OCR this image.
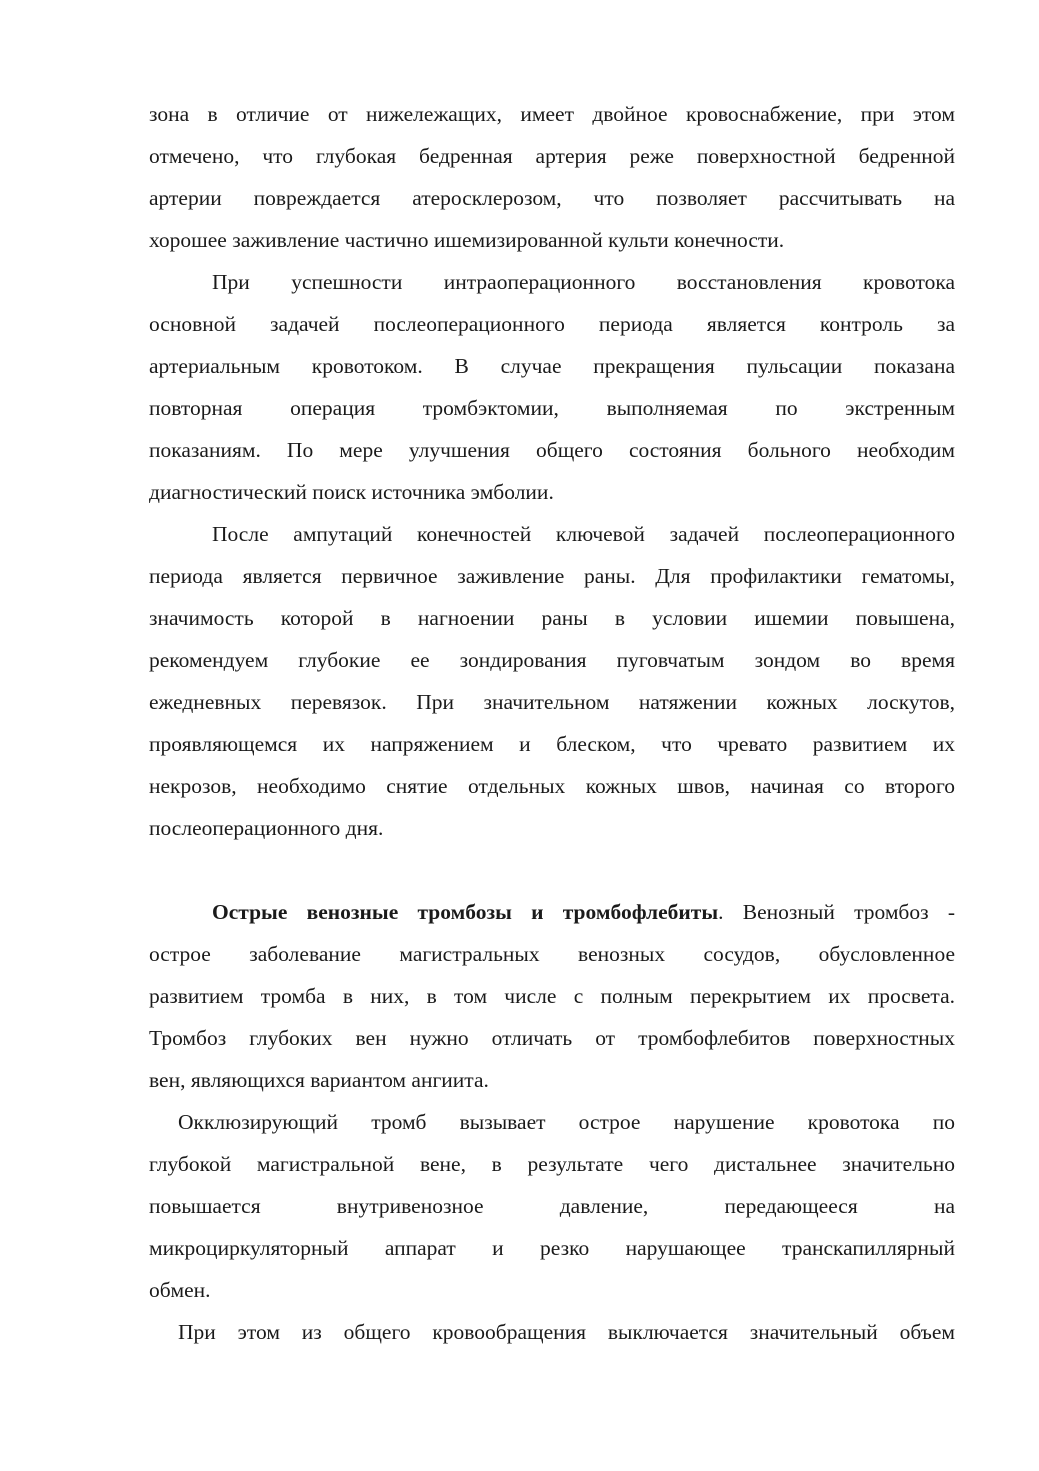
зона в отличие от нижележащих, имеет двойное кровоснабжение, при этом
отмечено, что глубокая бедренная артерия реже поверхностной бедренной
артерии повреждается атеросклерозом, что позволяет рассчитывать на
хорошее заживление частично ишемизированной культи конечности.
При успешности интраоперационного восстановления кровотока
основной задачей послеоперационного периода является контроль за
артериальным кровотоком. В случае прекращения пульсации показана
повторная операция тромбэктомии, выполняемая по экстренным
показаниям. По мере улучшения общего состояния больного необходим
диагностический поиск источника эмболии.
После ампутаций конечностей ключевой задачей послеоперационного
периода является первичное заживление раны. Для профилактики гематомы,
значимость которой в нагноении раны в условии ишемии повышена,
рекомендуем глубокие ее зондирования пуговчатым зондом во время
ежедневных перевязок. При значительном натяжении кожных лоскутов,
проявляющемся их напряжением и блеском, что чревато развитием их
некрозов, необходимо снятие отдельных кожных швов, начиная со второго
послеоперационного дня.
Острые венозные тромбозы и тромбофлебиты. Венозный тромбоз -
острое заболевание магистральных венозных сосудов, обусловленное
развитием тромба в них, в том числе с полным перекрытием их просвета.
Тромбоз глубоких вен нужно отличать от тромбофлебитов поверхностных
вен, являющихся вариантом ангиита.
Окклюзирующий тромб вызывает острое нарушение кровотока по
глубокой магистральной вене, в результате чего дистальнее значительно
повышается внутривенозное давление, передающееся на
микроциркуляторный аппарат и резко нарушающее транскапиллярный
обмен.
При этом из общего кровообращения выключается значительный объем
